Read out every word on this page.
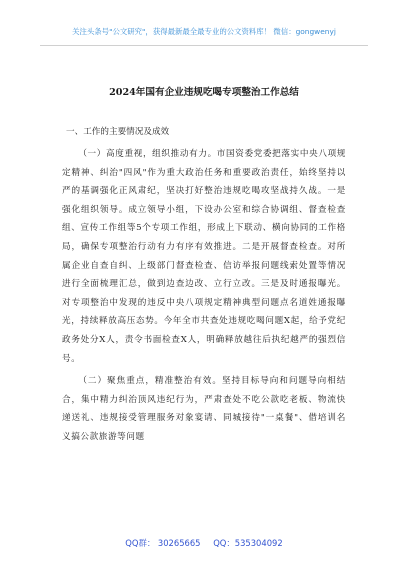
关注头条号"公文研究"，获得最新最全最专业的公文资料库！ 微信：gongwenyj
2024年国有企业违规吃喝专项整治工作总结
一、工作的主要情况及成效

（一）高度重视，组织推动有力。市国资委党委把落实中央八项规定精神、纠治"四风"作为重大政治任务和重要政治责任，始终坚持以严的基调强化正风肃纪，坚决打好整治违规吃喝攻坚战持久战。一是强化组织领导。成立领导小组，下设办公室和综合协调组、督查检查组、宣传工作组等5个专项工作组，形成上下联动、横向协同的工作格局，确保专项整治行动有力有序有效推进。二是开展督查检查。对所属企业自查自纠、上级部门督查检查、信访举报问题线索处置等情况进行全面梳理汇总，做到边查边改、立行立改。三是及时通报曝光。对专项整治中发现的违反中央八项规定精神典型问题点名道姓通报曝光，持续释放高压态势。今年全市共查处违规吃喝问题X起，给予党纪政务处分X人，责令书面检查X人，明确释放越往后执纪越严的强烈信号。

（二）聚焦重点，精准整治有效。坚持目标导向和问题导向相结合，集中精力纠治顶风违纪行为，严肃查处不吃公款吃老板、物流快递送礼、违规接受管理服务对象宴请、同城接待"一桌餐"、借培训名义搞公款旅游等问题

QQ群： 30265665 QQ：535304092
